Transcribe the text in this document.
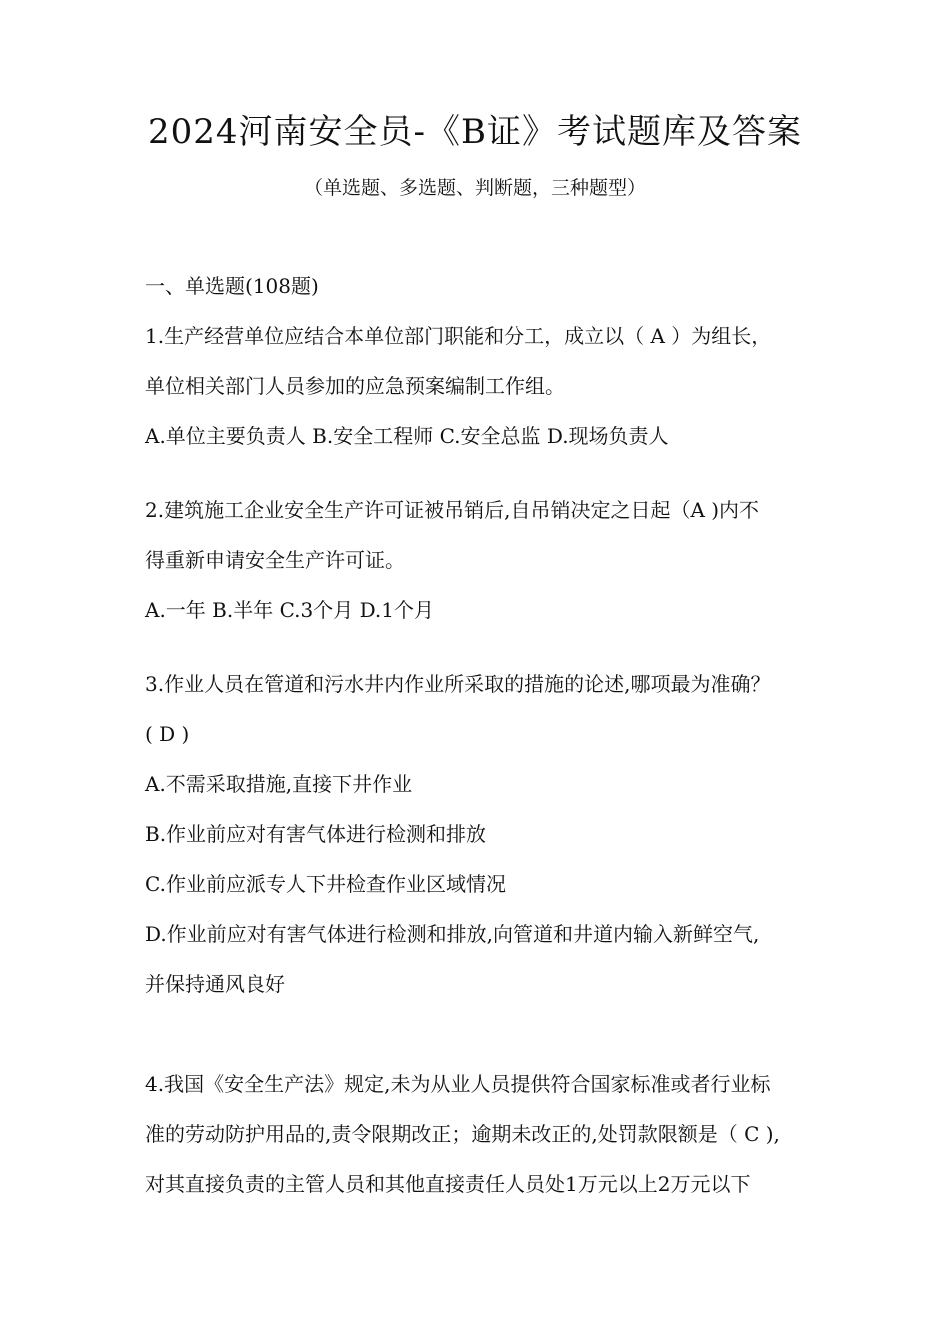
2024河南安全员-《B证》考试题库及答案
（单选题、多选题、判断题，三种题型）
一、单选题(108题)
1.生产经营单位应结合本单位部门职能和分工，成立以（ A ）为组长，
单位相关部门人员参加的应急预案编制工作组。
A.单位主要负责人 B.安全工程师 C.安全总监 D.现场负责人
2.建筑施工企业安全生产许可证被吊销后,自吊销决定之日起（A )内不
得重新申请安全生产许可证。
A.一年 B.半年 C.3个月 D.1个月
3.作业人员在管道和污水井内作业所采取的措施的论述,哪项最为准确？
( D )
A.不需采取措施,直接下井作业
B.作业前应对有害气体进行检测和排放
C.作业前应派专人下井检查作业区域情况
D.作业前应对有害气体进行检测和排放,向管道和井道内输入新鲜空气,
并保持通风良好
4.我国《安全生产法》规定,未为从业人员提供符合国家标准或者行业标
准的劳动防护用品的,责令限期改正；逾期未改正的,处罚款限额是（ C ),
对其直接负责的主管人员和其他直接责任人员处1万元以上2万元以下
